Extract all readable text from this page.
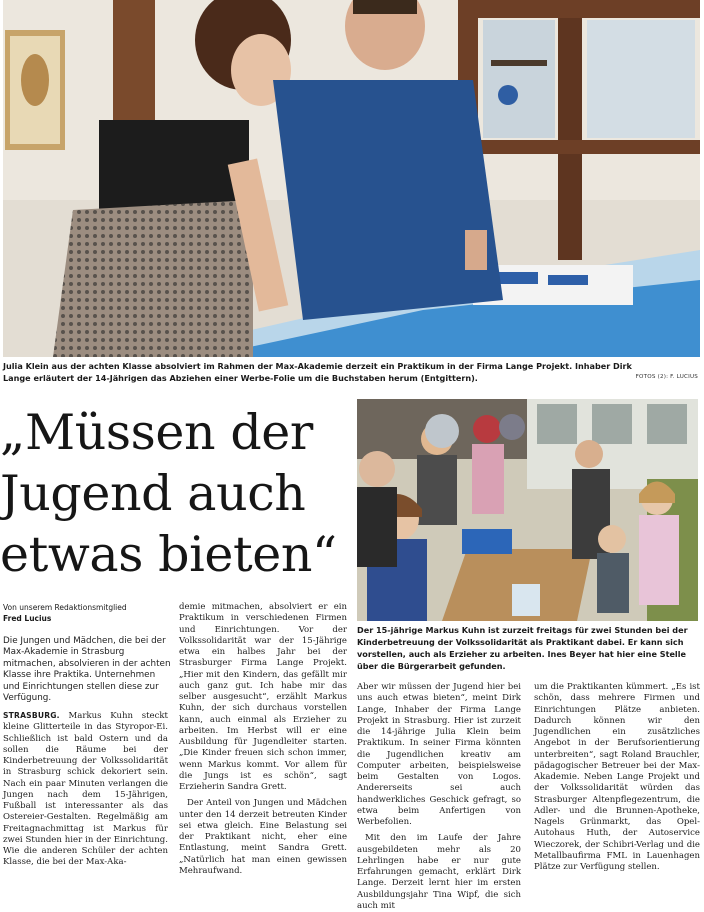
Julia Klein aus der achten Klasse absolviert im Rahmen der Max-Akademie derzeit ein Praktikum in der Firma Lange Projekt. Inhaber Dirk Lange erläutert der 14-Jährigen das Abziehen einer Werbe-Folie um die Buchstaben herum (Entgittern).	FOTOS (2): F. LUCIUS
„Müssen der
Jugend auch
etwas bieten“
Der 15-jährige Markus Kuhn ist zurzeit freitags für zwei Stunden bei der Kinderbetreuung der Volkssolidarität als Praktikant dabei. Er kann sich vorstellen, auch als Erzieher zu arbeiten. Ines Beyer hat hier eine Stelle über die Bürgerarbeit gefunden.
Von unserem Redaktionsmitglied
Fred Lucius
Die Jungen und Mädchen, die bei der Max-Akademie in Strasburg mitmachen, absolvieren in der achten Klasse ihre Praktika. Unternehmen und Einrichtungen stellen diese zur Verfügung.

STRASBURG. Markus Kuhn steckt kleine Glitterteile in das Styropor-Ei. Schließlich ist bald Ostern und da sollen die Räume bei der Kinderbetreuung der Volkssolidarität in Strasburg schick dekoriert sein. Nach ein paar Minuten verlangen die Jungen nach dem 15-Jährigen, Fußball ist interessanter als das Ostereier-Gestalten. Regelmäßig am Freitagnachmittag ist Markus für zwei Stunden hier in der Einrichtung. Wie die anderen Schüler der achten Klasse, die bei der Max-Aka-

demie mitmachen, absolviert er ein Praktikum in verschiedenen Firmen und Einrichtungen. Vor der Volkssolidarität war der 15-Jährige etwa ein halbes Jahr bei der Strasburger Firma Lange Projekt. „Hier mit den Kindern, das gefällt mir auch ganz gut. Ich habe mir das selber ausgesucht“, erzählt Markus Kuhn, der sich durchaus vorstellen kann, auch einmal als Erzieher zu arbeiten. Im Herbst will er eine Ausbildung für Jugendleiter starten. „Die Kinder freuen sich schon immer, wenn Markus kommt. Vor allem für die Jungs ist es schön“, sagt Erzieherin Sandra Grett.

Der Anteil von Jungen und Mädchen unter den 14 derzeit betreuten Kinder sei etwa gleich. Eine Belastung sei der Praktikant nicht, eher eine Entlastung, meint Sandra Grett. „Natürlich hat man einen gewissen Mehraufwand.

Aber wir müssen der Jugend hier bei uns auch etwas bieten“, meint Dirk Lange, Inhaber der Firma Lange Projekt in Strasburg. Hier ist zurzeit die 14-jährige Julia Klein beim Praktikum. In seiner Firma könnten die Jugendlichen kreativ am Computer arbeiten, beispielsweise beim Gestalten von Logos. Andererseits sei auch handwerkliches Geschick gefragt, so etwa beim Anfertigen von Werbefolien.

Mit den im Laufe der Jahre ausgebildeten mehr als 20 Lehrlingen habe er nur gute Erfahrungen gemacht, erklärt Dirk Lange. Derzeit lernt hier im ersten Ausbildungsjahr Tina Wipf, die sich auch mit

um die Praktikanten kümmert. „Es ist schön, dass mehrere Firmen und Einrichtungen Plätze anbieten. Dadurch können wir den Jugendlichen ein zusätzliches Angebot in der Berufsorientierung unterbreiten“, sagt Roland Brauchler, pädagogischer Betreuer bei der Max-Akademie. Neben Lange Projekt und der Volkssolidarität würden das Strasburger Altenpflegezentrum, die Adler- und die Brunnen-Apotheke, Nagels Grünmarkt, das Opel-Autohaus Huth, der Autoservice Wieczorek, der Schibri-Verlag und die Metallbaufirma FML in Lauenhagen Plätze zur Verfügung stellen.
